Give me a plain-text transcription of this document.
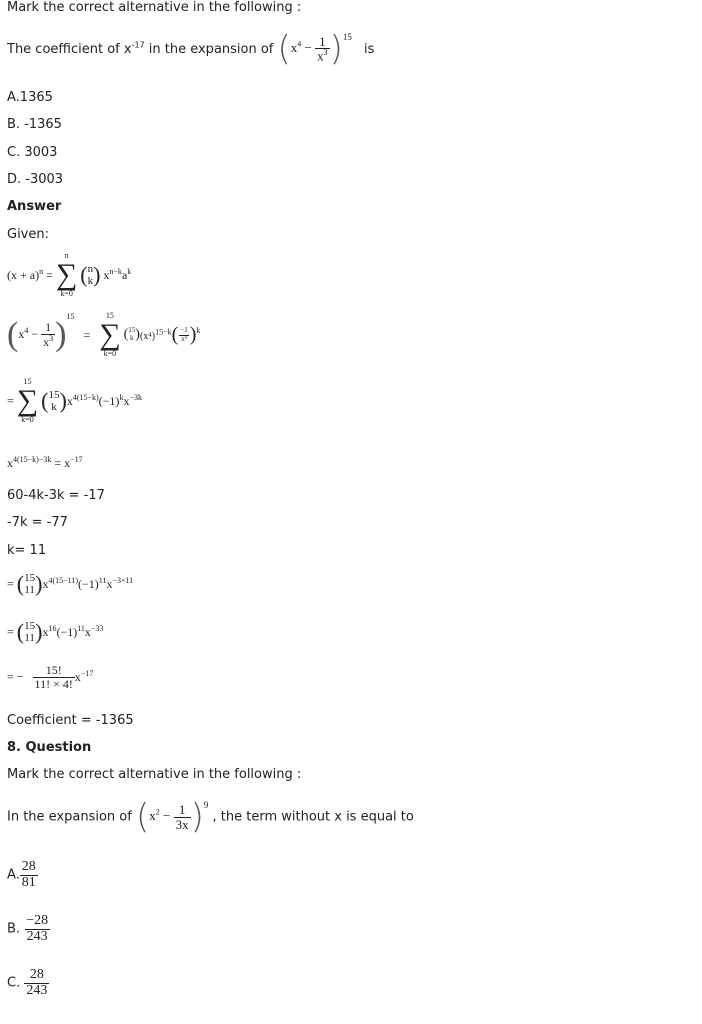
Mark the correct alternative in the following :
The coefficient of $x^{-17}$ in the expansion of $(x^4 - \frac{1}{x^3} )^{15}$ is
A.1365
B. -1365
C. 3003
D. -3003
Answer
Given:
$(x + a)^n$ =
n
∑
k=0

( n
k ) $x^{n-k}a^k$
$(x^4 - \frac{1}{x^3} )^{15}$ =
15
∑
k=0

( 15
k ) $(x^4)^{15-k}( \frac{-1}{\text{x³}} )^k$
=
15
∑
k=0

( 15
k ) $x^{4(15-k)}(-1)^kx^{-3k}$
$x^{4(15-k)-3k} = x^{-17}$
60-4k-3k = -17
-7k = -77
k= 11
= ( 15
11 ) $x^{4(15-11)}(-1)^{11}x^{-3\times 11}$
= ( 15
11 ) $x^{16}(-1)^{11}x^{-33}$
= − $\frac{15!}{11! \times 4!} x^{-17}$
Coefficient = -1365
8. Question
Mark the correct alternative in the following :
In the expansion of $(x^2 - \frac{1}{3x} )^9$ , the term without x is equal to
A. $\frac{28}{81}$
B. $\frac{-28}{243}$
C. $\frac{28}{243}$
